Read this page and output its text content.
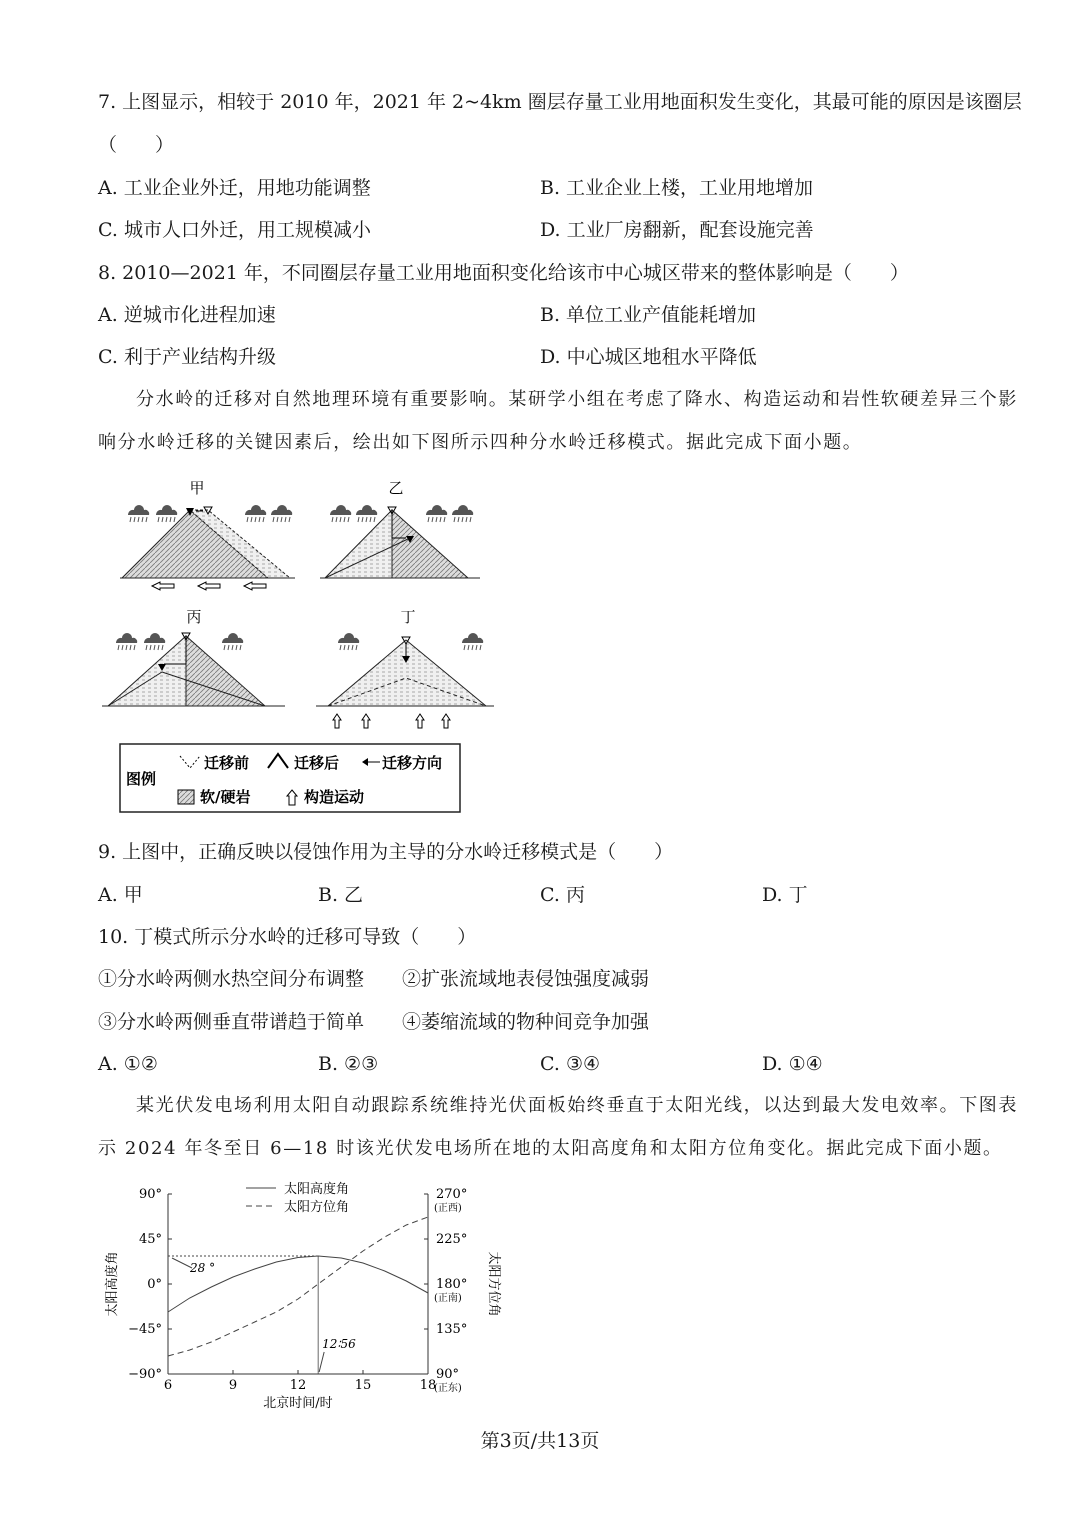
7. 上图显示，相较于 2010 年，2021 年 2~4km 圈层存量工业用地面积发生变化，其最可能的原因是该圈层
（　　）
A. 工业企业外迁，用地功能调整	B. 工业企业上楼，工业用地增加
C. 城市人口外迁，用工规模减小	D. 工业厂房翻新，配套设施完善
8. 2010—2021 年，不同圈层存量工业用地面积变化给该市中心城区带来的整体影响是（　　）
A. 逆城市化进程加速	B. 单位工业产值能耗增加
C. 利于产业结构升级	D. 中心城区地租水平降低
分水岭的迁移对自然地理环境有重要影响。某研学小组在考虑了降水、构造运动和岩性软硬差异三个影
响分水岭迁移的关键因素后，绘出如下图所示四种分水岭迁移模式。据此完成下面小题。
甲	乙
丙	丁
图例
迁移前	迁移后	迁移方向
软/硬岩	构造运动
9. 上图中，正确反映以侵蚀作用为主导的分水岭迁移模式是（　　）
A. 甲	B. 乙	C. 丙	D. 丁
10. 丁模式所示分水岭的迁移可导致（　　）
①分水岭两侧水热空间分布调整 ②扩张流域地表侵蚀强度减弱
③分水岭两侧垂直带谱趋于简单 ④萎缩流域的物种间竞争加强
A. ①②	B. ②③	C. ③④	D. ①④
某光伏发电场利用太阳自动跟踪系统维持光伏面板始终垂直于太阳光线，以达到最大发电效率。下图表
示 2024 年冬至日 6—18 时该光伏发电场所在地的太阳高度角和太阳方位角变化。据此完成下面小题。
90°
45°
0°
−45°
−90°
270°
225°
180°
135°
90°
(正西)
(正南)
(正东)
6	9	12	15	18
北京时间/时
太阳高度角	太阳方位角
太阳高度角
太阳方位角
28 °
12∶56
第3页/共13页
